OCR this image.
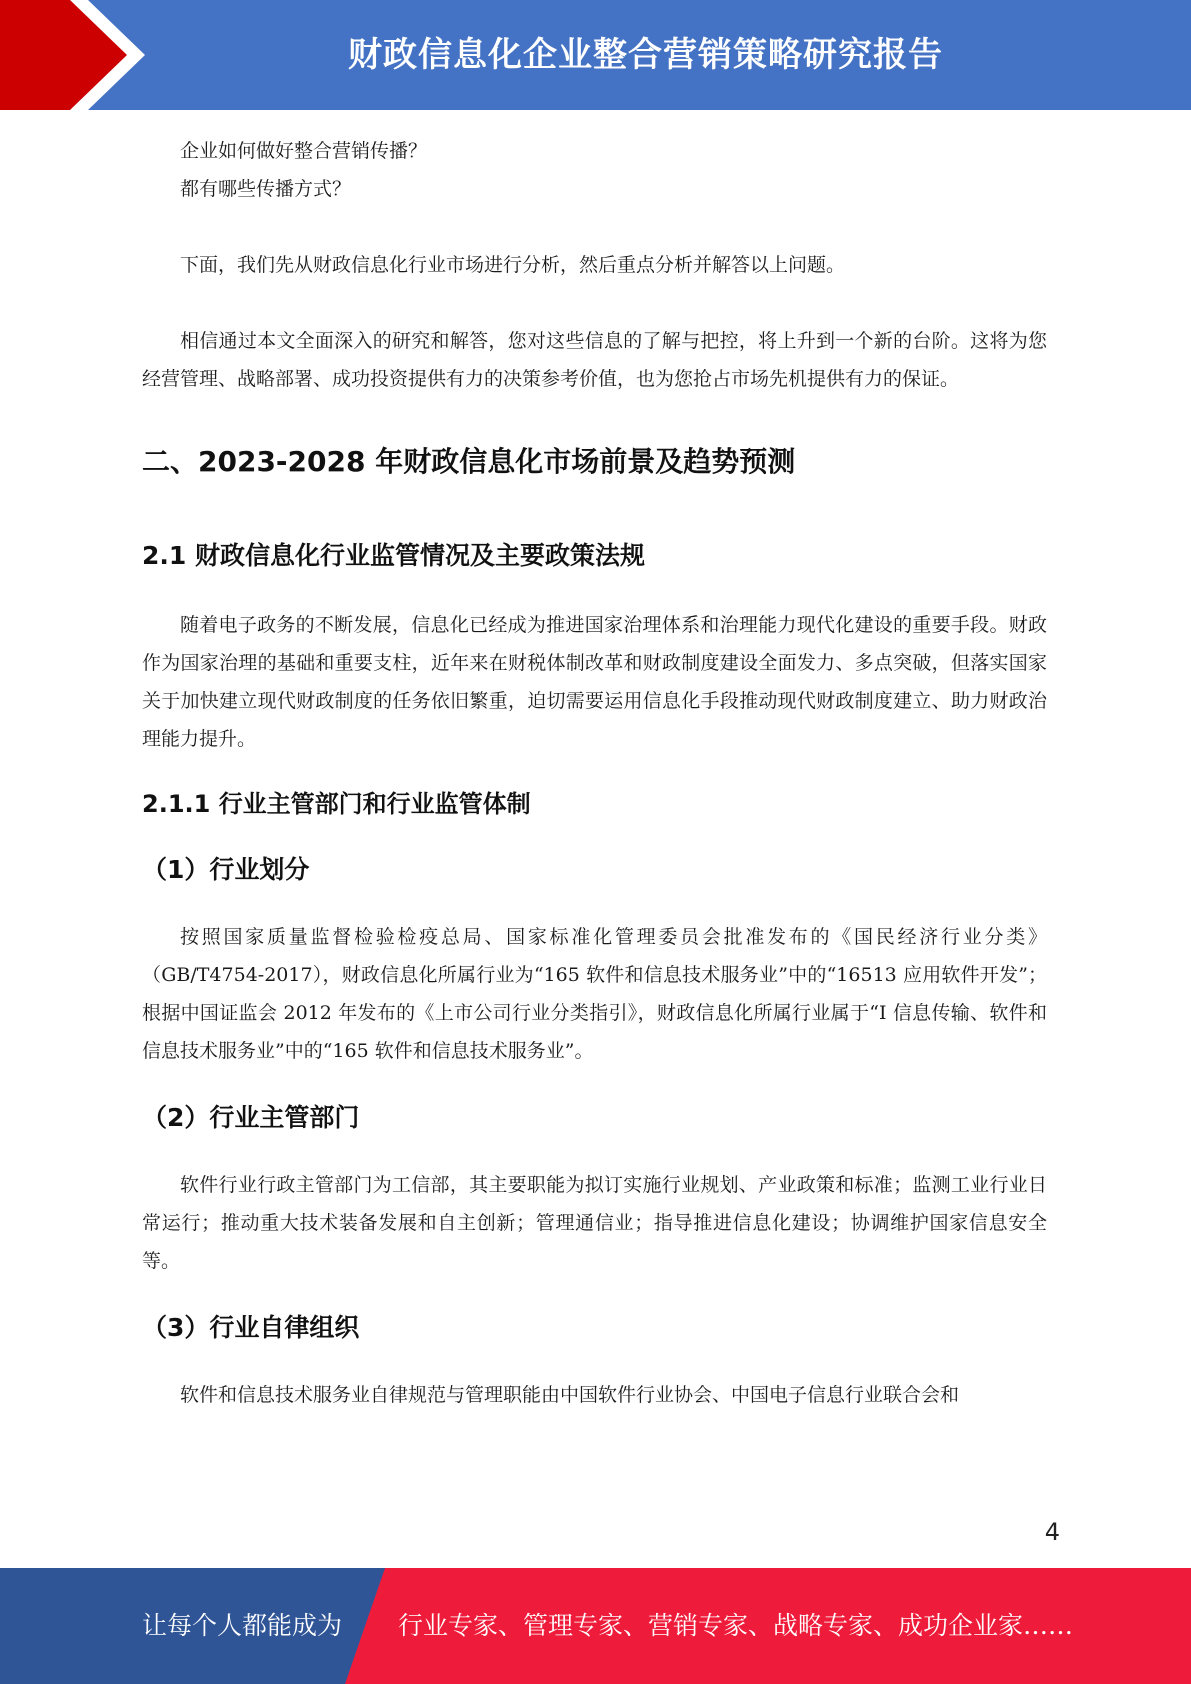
财政信息化企业整合营销策略研究报告

企业如何做好整合营销传播？

都有哪些传播方式？

下面，我们先从财政信息化行业市场进行分析，然后重点分析并解答以上问题。

相信通过本文全面深入的研究和解答，您对这些信息的了解与把控，将上升到一个新的台阶。这将为您经营管理、战略部署、成功投资提供有力的决策参考价值，也为您抢占市场先机提供有力的保证。

二、2023-2028 年财政信息化市场前景及趋势预测
2.1 财政信息化行业监管情况及主要政策法规

随着电子政务的不断发展，信息化已经成为推进国家治理体系和治理能力现代化建设的重要手段。财政作为国家治理的基础和重要支柱，近年来在财税体制改革和财政制度建设全面发力、多点突破，但落实国家关于加快建立现代财政制度的任务依旧繁重，迫切需要运用信息化手段推动现代财政制度建立、助力财政治理能力提升。

2.1.1 行业主管部门和行业监管体制
（1）行业划分

按照国家质量监督检验检疫总局、国家标准化管理委员会批准发布的《国民经济行业分类》（GB/T4754-2017），财政信息化所属行业为“165 软件和信息技术服务业”中的“16513 应用软件开发”；根据中国证监会 2012 年发布的《上市公司行业分类指引》，财政信息化所属行业属于“I 信息传输、软件和信息技术服务业”中的“165 软件和信息技术服务业”。

（2）行业主管部门

软件行业行政主管部门为工信部，其主要职能为拟订实施行业规划、产业政策和标准；监测工业行业日常运行；推动重大技术装备发展和自主创新；管理通信业；指导推进信息化建设；协调维护国家信息安全等。

（3）行业自律组织

软件和信息技术服务业自律规范与管理职能由中国软件行业协会、中国电子信息行业联合会和

4
让每个人都能成为 行业专家、管理专家、营销专家、战略专家、成功企业家……
